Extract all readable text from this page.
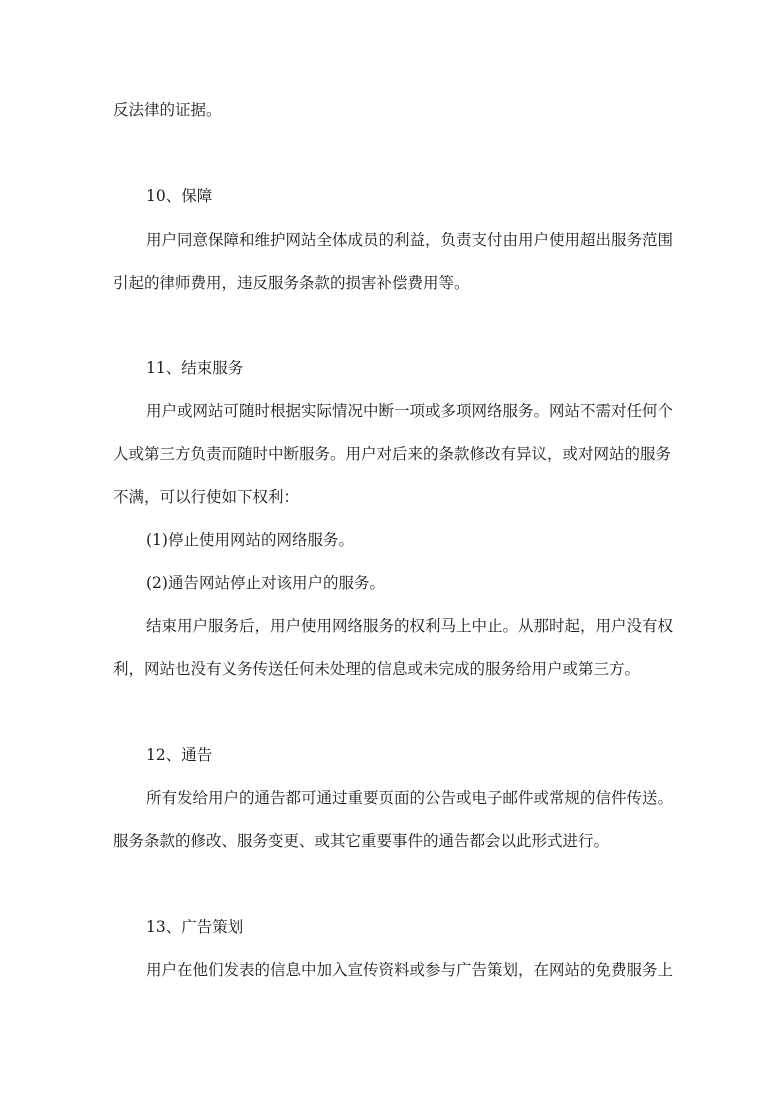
反法律的证据。
10、保障
用户同意保障和维护网站全体成员的利益，负责支付由用户使用超出服务范围
引起的律师费用，违反服务条款的损害补偿费用等。
11、结束服务
用户或网站可随时根据实际情况中断一项或多项网络服务。网站不需对任何个
人或第三方负责而随时中断服务。用户对后来的条款修改有异议，或对网站的服务
不满，可以行使如下权利：
(1)停止使用网站的网络服务。
(2)通告网站停止对该用户的服务。
结束用户服务后，用户使用网络服务的权利马上中止。从那时起，用户没有权
利，网站也没有义务传送任何未处理的信息或未完成的服务给用户或第三方。
12、通告
所有发给用户的通告都可通过重要页面的公告或电子邮件或常规的信件传送。
服务条款的修改、服务变更、或其它重要事件的通告都会以此形式进行。
13、广告策划
用户在他们发表的信息中加入宣传资料或参与广告策划，在网站的免费服务上
